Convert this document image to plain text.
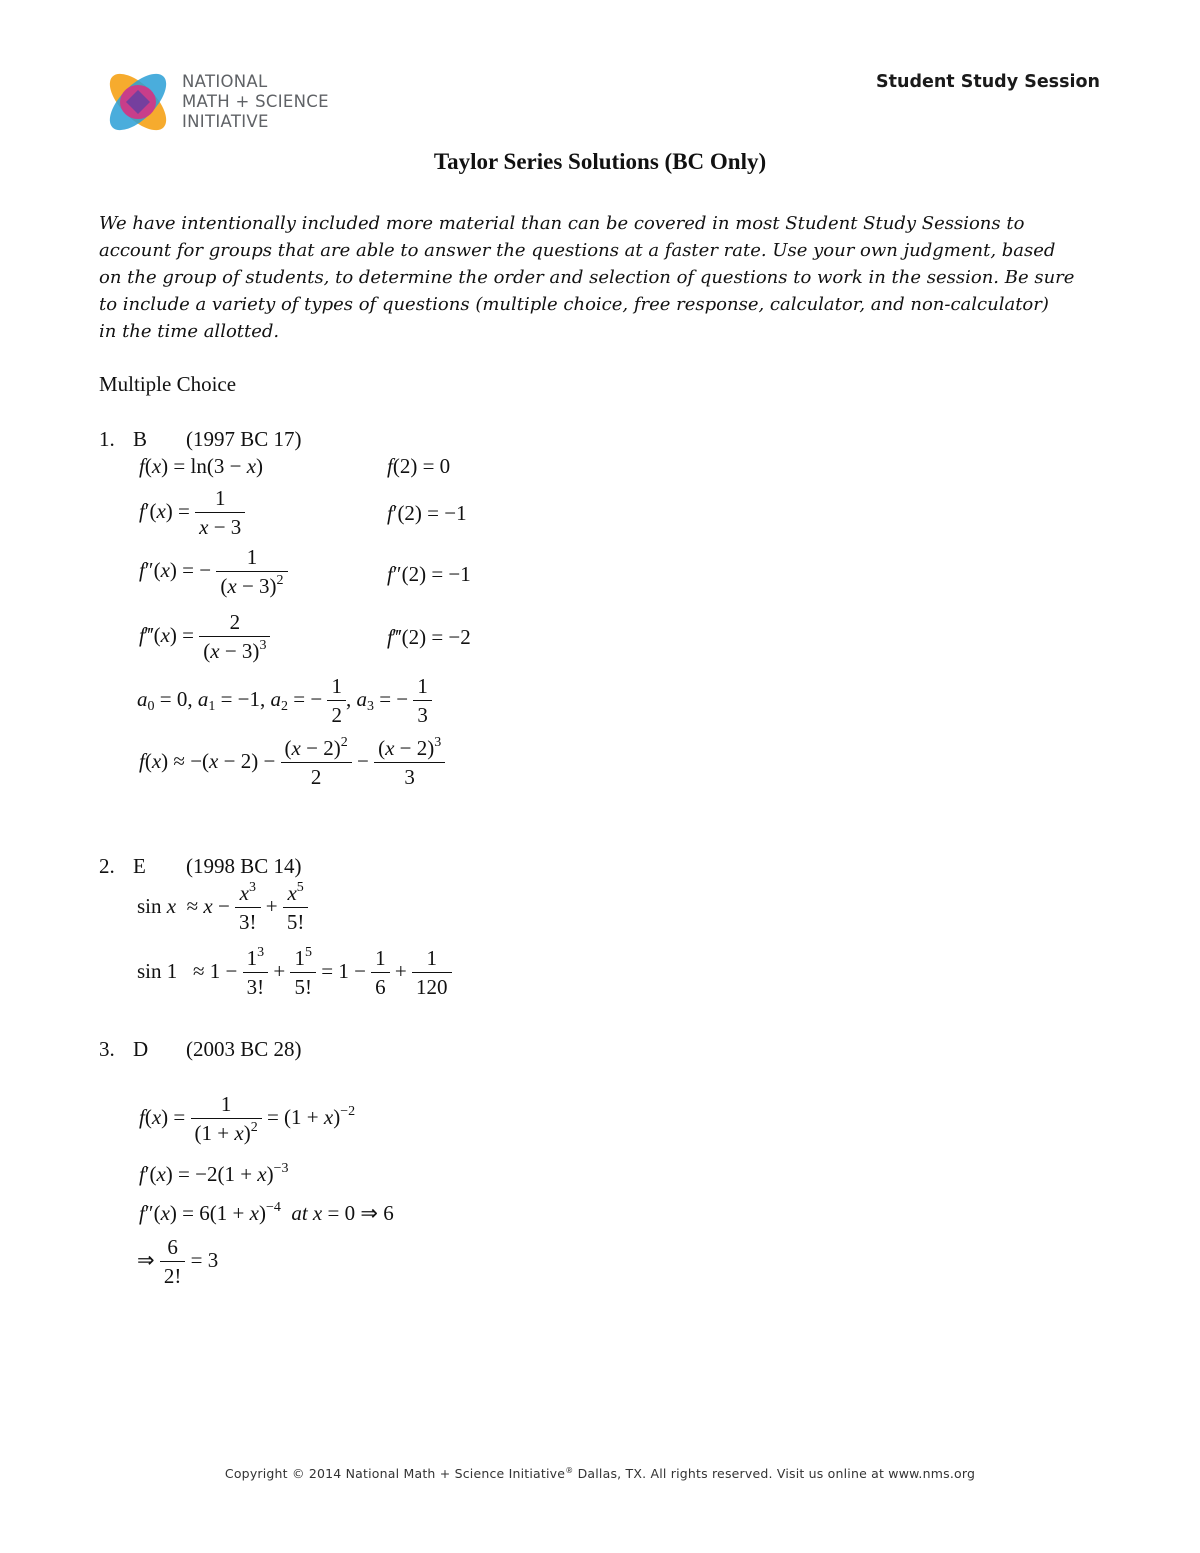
NATIONAL
MATH + SCIENCE
INITIATIVE
Student Study Session
Taylor Series Solutions (BC Only)
We have intentionally included more material than can be covered in most Student Study Sessions to
account for groups that are able to answer the questions at a faster rate. Use your own judgment, based
on the group of students, to determine the order and selection of questions to work in the session. Be sure
to include a variety of types of questions (multiple choice, free response, calculator, and non-calculator)
in the time allotted.
Multiple Choice
1. B (1997 BC 17)
f(x) = ln(3 − x)	f(2) = 0
$f'(x) = \frac{1}{x - 3}$	f′(2) = −1
f″(x) = − $\frac{1}{(x - 3)^2}$	f″(2) = −1
f‴(x) = $\frac{2}{(x - 3)^3}$	f‴(2) = −2
$a_0 = 0$, $a_1 = -1$, $a_2$ = − $\frac{1}{2}$ , $a_3$ = − $\frac{1}{3}$
$f(x) \approx -(x - 2) - \frac{(x - 2)^2}{2} - \frac{(x - 2)^3}{3}$
2. E (1998 BC 14)
$\sin x \approx x - \frac{x^3}{3!} + \frac{x^5}{5!}$
$\sin 1 \approx 1 - \frac{1^3}{3!} + \frac{1^5}{5!} = 1 - \frac{1}{6} + \frac{1}{120}$
3. D (2003 BC 28)
$f(x) = \frac{1}{(1 + x)^2} = (1 + x)^{-2}$
$f'(x) = -2(1 + x)^{-3}$
$f''(x) = 6(1 + x)^{-4}$ at x = 0 ⇒ 6
⇒ $\frac{6}{2!} = 3$
Copyright © 2014 National Math + Science Initiative® Dallas, TX. All rights reserved. Visit us online at www.nms.org
